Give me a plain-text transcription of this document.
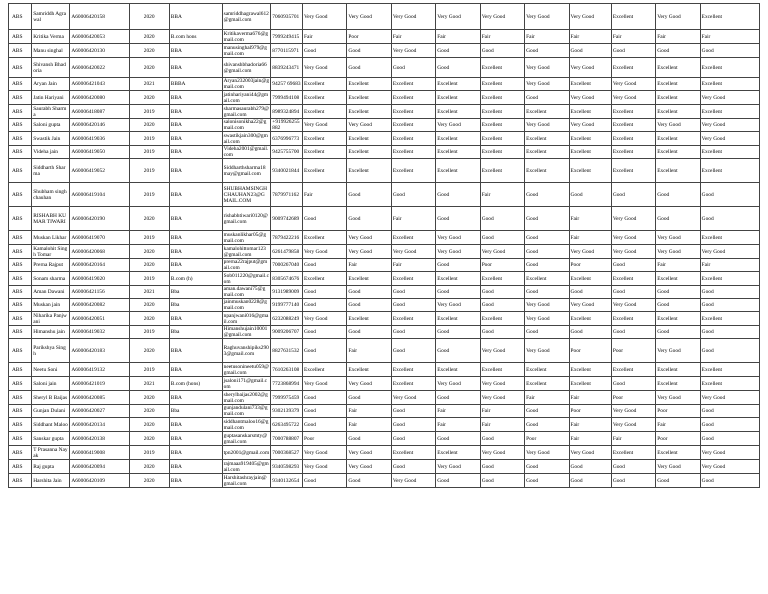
ABS	Samriddh Agrawal	A60006420158	2020	BBA	samriddhagrawal612@gmail.com	7060935701	Very Good	Very Good	Very Good	Very Good	Very Good	Very Good	Very Good	Excellent	Very Good	Excellent
ABS	Kritika Verma	A60006420053	2020	B.com hons	Kritikaverma676@gmail.com	7999249415	Fair	Poor	Fair	Fair	Fair	Fair	Fair	Fair	Fair	Fair
ABS	Manu singhal	A60006420130	2020	BBA	manusinghal979@gmail.com	8770115971	Good	Good	Very Good	Good	Good	Good	Good	Good	Good	Good
ABS	Shivansh Bhadoria	A60006420022	2020	BBA	shivanshbhadoria66@gmail.com	8839243471	Very Good	Good	Good	Good	Excellent	Very Good	Very Good	Excellent	Excellent	Excellent
ABS	Aryan Jain	A60006421043	2021	BBBA	Aryan232003jain@gmail.com	94257 69683	Excellent	Excellent	Excellent	Excellent	Excellent	Very Good	Excellent	Very Good	Excellent	Excellent
ABS	Jatin Hariyani	A60006420080	2020	BBA	jatinhariyani44@gmail.com	7999494108	Excellent	Excellent	Excellent	Excellent	Excellent	Good	Very Good	Very Good	Excellent	Very Good
ABS	Saurabh Sharma	A60006418087	2019	BBA	sharmasaurabh279@gmail.com	8989324894	Excellent	Excellent	Excellent	Excellent	Excellent	Excellent	Excellent	Excellent	Excellent	Excellent
ABS	Saloni gupta	A60006420146	2020	BBA	salonisonikha22@gmail.com	+919926255882	Very Good	Very Good	Excellent	Very Good	Excellent	Very Good	Very Good	Excellent	Very Good	Very Good
ABS	Swastik Jain	A60006419036	2019	BBA	swastikjain300@gmail.com	6376996773	Excellent	Excellent	Excellent	Excellent	Excellent	Excellent	Excellent	Excellent	Excellent	Very Good
ABS	Videha jain	A60006419050	2019	BBA	Videha2001@gmail.com	9425755700	Excellent	Excellent	Excellent	Excellent	Excellent	Excellent	Excellent	Excellent	Excellent	Excellent
ABS	Siddharth Sharma	A60006419052	2019	BBA	Siddharthsharma18may@gmail.com	9340021844	Excellent	Excellent	Excellent	Excellent	Excellent	Excellent	Excellent	Excellent	Excellent	Excellent
ABS	Shubham singh chauhan	A60006419104	2019	BBA	SHUBHAMSINGHCHAUHAN23@GMAIL.COM	7879971162	Fair	Good	Good	Good	Fair	Good	Good	Good	Good	Good
ABS	RISHABH KUMAR TIWARI	A60006420190	2020	BBA	rishabhtiwari0120@gmail.com	9009742689	Good	Good	Fair	Good	Good	Good	Fair	Very Good	Good	Good
ABS	Muskan Likhar	A60006419070	2019	BBA	muskanlikhar05@gmail.com	7879422216	Excellent	Very Good	Excellent	Very Good	Good	Good	Fair	Very Good	Very Good	Excellent
ABS	Kamalohit Singh Tomar	A60006420068	2020	BBA	kamalohittomar123@gmail.com	6261479858	Very Good	Very Good	Very Good	Very Good	Very Good	Good	Very Good	Very Good	Very Good	Very Good
ABS	Prerna Rajput	A60006420164	2020	BBA	prerna22rajput@gmail.com	7000267040	Good	Fair	Fair	Good	Poor	Good	Poor	Good	Fair	Fair
ABS	Sonam sharma	A60006419020	2019	B.com (h)	Sob011220@gmail.com	8305674676	Excellent	Excellent	Excellent	Excellent	Excellent	Excellent	Excellent	Excellent	Excellent	Excellent
ABS	Aman Dawani	A60006421156	2021	Bba	aman.dawani75@gmail.com	9131989009	Good	Good	Good	Good	Good	Good	Good	Good	Good	Good
ABS	Muskan jain	A60006420082	2020	Bba	jainmuskan0228@gmail.com	9199777140	Good	Good	Good	Very Good	Good	Very Good	Very Good	Very Good	Good	Good
ABS	Niharika Panjwani	A60006420051	2020	BBA	npanjwani016@gmail.com	6232088249	Very Good	Excellent	Excellent	Excellent	Excellent	Very Good	Excellent	Excellent	Excellent	Excellent
ABS	Himanshu jain	A60006419032	2019	Bba	Himanshujain10001@gmail.com	9009206707	Good	Good	Good	Good	Good	Good	Good	Good	Good	Good
ABS	Parikshya Singh	A60006420183	2020	BBA	Raghuvanshipiks2903@gmail.com	8827631532	Good	Fair	Good	Good	Very Good	Very Good	Poor	Poor	Very Good	Good
ABS	Neetu Soni	A60006419132	2019	BBA	neetusonineetu059@gmail.com	7610263108	Excellent	Excellent	Excellent	Excellent	Excellent	Excellent	Excellent	Excellent	Excellent	Excellent
ABS	Saloni jain	A60006421019	2021	B.com (hons)	jsaloni171@gmail.com	7723868994	Very Good	Very Good	Excellent	Very Good	Very Good	Excellent	Excellent	Good	Excellent	Excellent
ABS	Sheryl B Baijas	A60006420085	2020	BBA	sherylbaijas2002@gmail.com	7999975459	Good	Good	Very Good	Good	Very Good	Fair	Fair	Poor	Very Good	Very Good
ABS	Gunjan Dulani	A60006420027	2020	Bba	gunjandulani733@gmail.com	9302139379	Good	Fair	Good	Fair	Fair	Good	Poor	Very Good	Poor	Good
ABS	Siddhant Maloo	A60006420134	2020	BBA	siddhantmaloo16@gmail.com	6263495722	Good	Fair	Good	Fair	Fair	Good	Fair	Very Good	Fair	Good
ABS	Sanskar gupta	A60006420138	2020	BBA	guptasanskarsmty@gmail.com	7000788807	Poor	Good	Good	Good	Good	Poor	Fair	Fair	Poor	Good
ABS	T Prasanna Nayak	A60006419008	2019	BBA	tpn2001@gmail.com	7000368527	Very Good	Very Good	Excellent	Excellent	Very Good	Very Good	Very Good	Excellent	Excellent	Very Good
ABS	Raj gupta	A60006420094	2020	BBA	rajmaaa919405@gmail.com	9340598293	Very Good	Very Good	Good	Very Good	Good	Good	Good	Good	Very Good	Very Good
ABS	Harshita Jain	A60006420109	2020	BBA	Harshitashrayjain@gmail.com	9340132654	Good	Good	Very Good	Good	Good	Good	Good	Good	Good	Good
